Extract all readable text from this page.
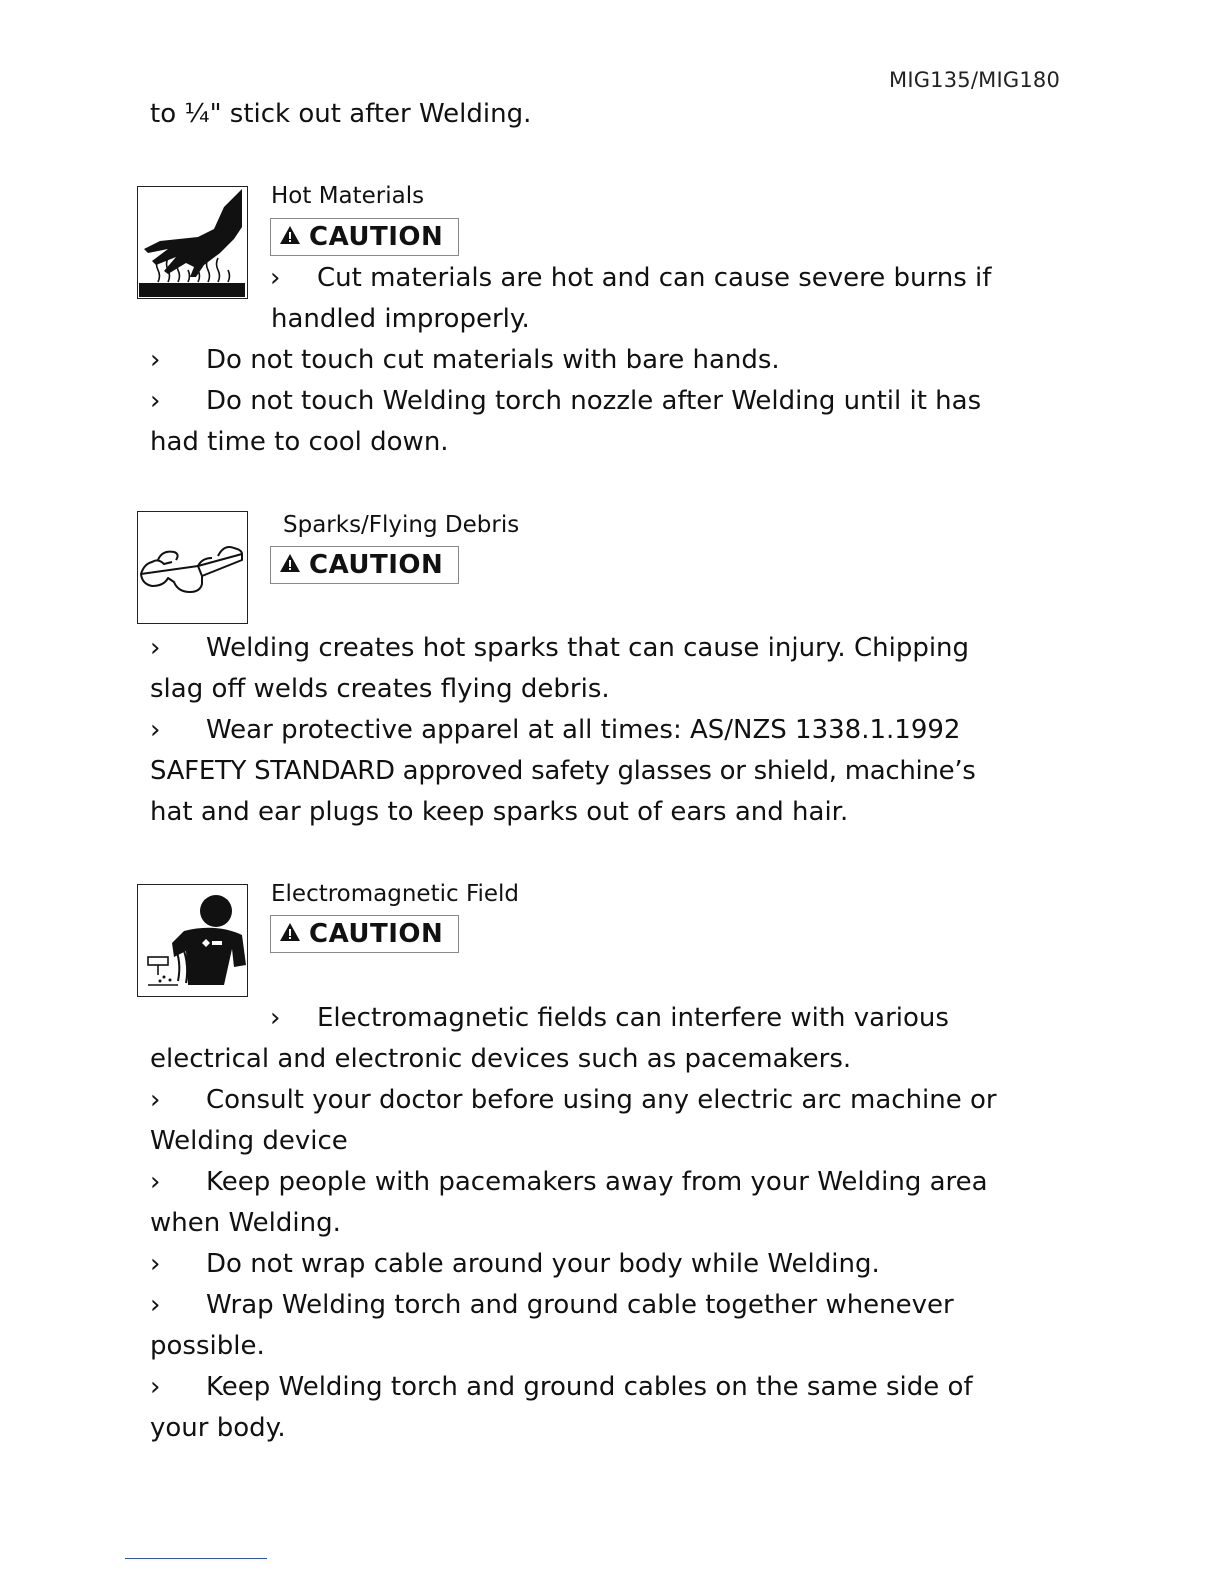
MIG135/MIG180
to ¼" stick out after Welding.
Hot Materials
CAUTION
› Cut materials are hot and can cause severe burns if
handled improperly.
› Do not touch cut materials with bare hands.
› Do not touch Welding torch nozzle after Welding until it has
had time to cool down.
Sparks/Flying Debris
CAUTION
› Welding creates hot sparks that can cause injury. Chipping
slag off welds creates flying debris.
› Wear protective apparel at all times: AS/NZS 1338.1.1992
SAFETY STANDARD approved safety glasses or shield, machine’s
hat and ear plugs to keep sparks out of ears and hair.
Electromagnetic Field
CAUTION
› Electromagnetic fields can interfere with various
electrical and electronic devices such as pacemakers.
› Consult your doctor before using any electric arc machine or
Welding device
› Keep people with pacemakers away from your Welding area
when Welding.
› Do not wrap cable around your body while Welding.
› Wrap Welding torch and ground cable together whenever
possible.
› Keep Welding torch and ground cables on the same side of
your body.
